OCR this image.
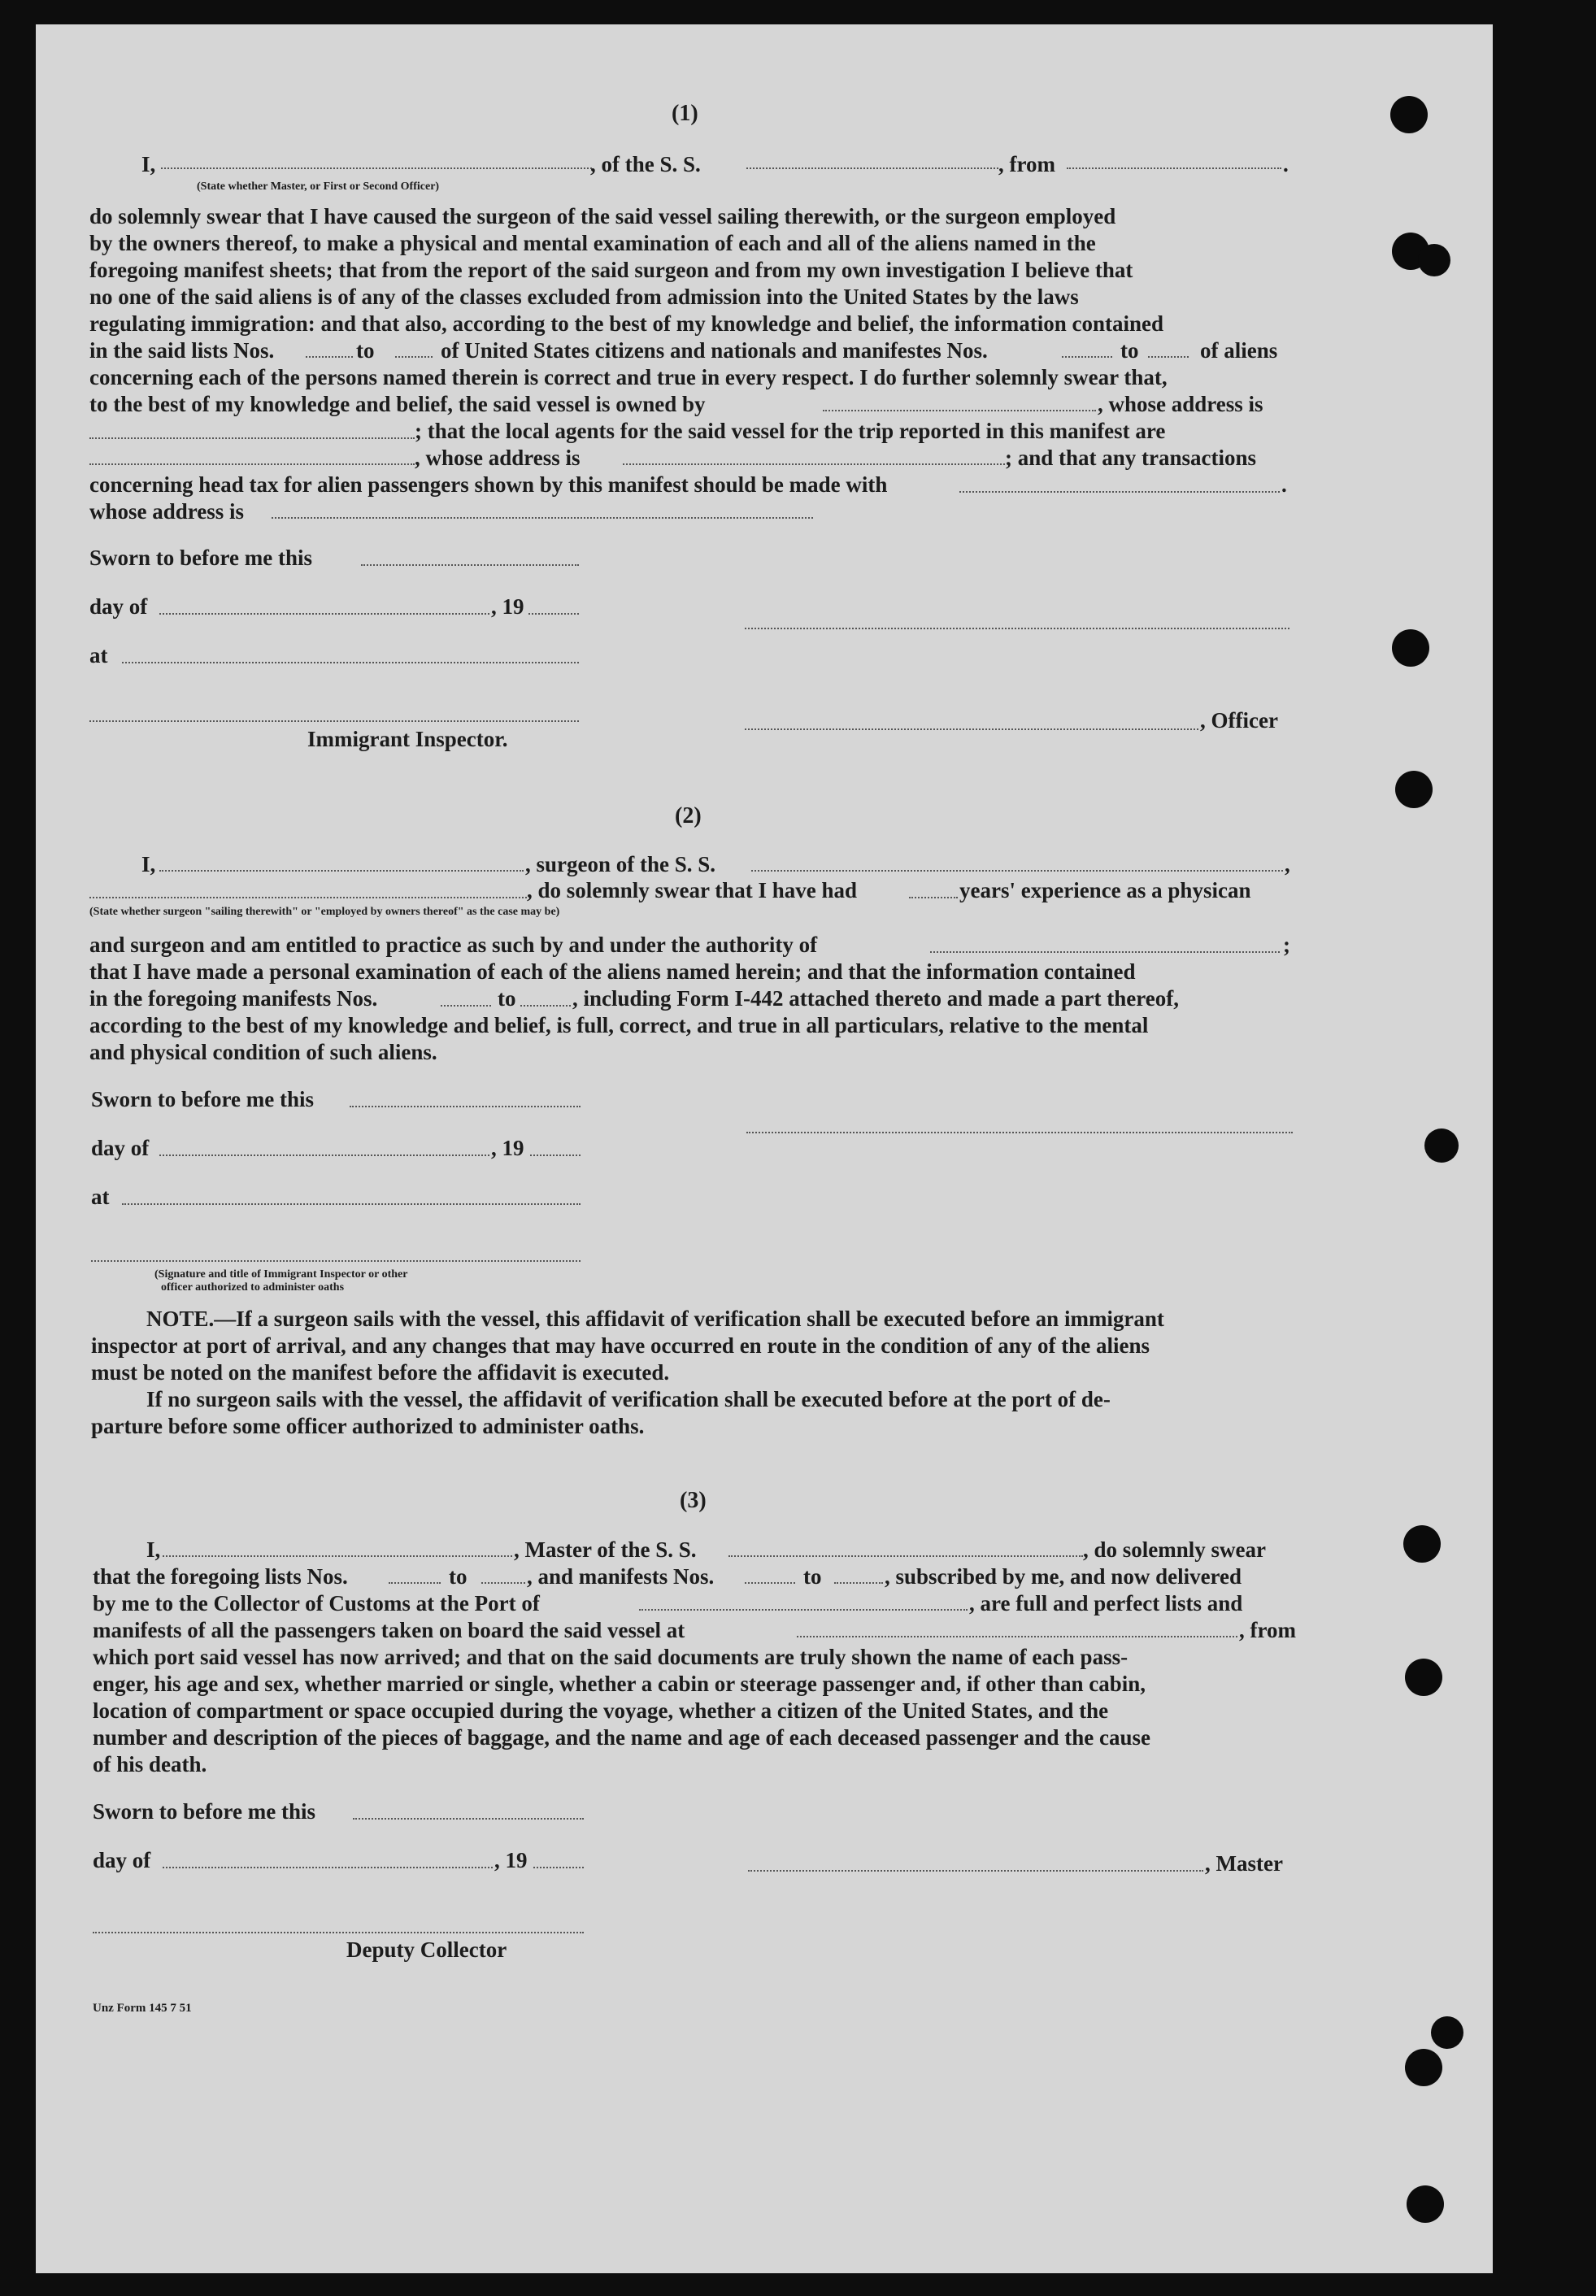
(1)
I,	, of the S. S.	, from	.
(State whether Master, or First or Second Officer)

do solemnly swear that I have caused the surgeon of the said vessel sailing therewith, or the surgeon employed

by the owners thereof, to make a physical and mental examination of each and all of the aliens named in the

foregoing manifest sheets; that from the report of the said surgeon and from my own investigation I believe that

no one of the said aliens is of any of the classes excluded from admission into the United States by the laws

regulating immigration: and that also, according to the best of my knowledge and belief, the information contained

in the said lists Nos.	to	of United States citizens and nationals and manifestes Nos.	to	of aliens

concerning each of the persons named therein is correct and true in every respect. I do further solemnly swear that,

to the best of my knowledge and belief, the said vessel is owned by	, whose address is
; that the local agents for the said vessel for the trip reported in this manifest are
, whose address is	; and that any transactions
concerning head tax for alien passengers shown by this manifest should be made with	.
whose address is
Sworn to before me this
day of	, 19
at
, Officer
Immigrant Inspector.
(2)
I,	, surgeon of the S. S.	,
, do solemnly swear that I have had	years' experience as a physican
(State whether surgeon "sailing therewith" or "employed by owners thereof" as the case may be)
and surgeon and am entitled to practice as such by and under the authority of	;

that I have made a personal examination of each of the aliens named herein; and that the information contained

in the foregoing manifests Nos.	to	, including Form I-442 attached thereto and made a part thereof,

according to the best of my knowledge and belief, is full, correct, and true in all particulars, relative to the mental

and physical condition of such aliens.

Sworn to before me this
day of	, 19
at
(Signature and title of Immigrant Inspector or other
officer authorized to administer oaths
NOTE.—If a surgeon sails with the vessel, this affidavit of verification shall be executed before an immigrant
inspector at port of arrival, and any changes that may have occurred en route in the condition of any of the aliens
must be noted on the manifest before the affidavit is executed.
If no surgeon sails with the vessel, the affidavit of verification shall be executed before at the port of de-
parture before some officer authorized to administer oaths.
(3)
I,	, Master of the S. S.	, do solemnly swear
that the foregoing lists Nos.	to	, and manifests Nos.	to	, subscribed by me, and now delivered
by me to the Collector of Customs at the Port of	, are full and perfect lists and
manifests of all the passengers taken on board the said vessel at	, from

which port said vessel has now arrived; and that on the said documents are truly shown the name of each pass-

enger, his age and sex, whether married or single, whether a cabin or steerage passenger and, if other than cabin,

location of compartment or space occupied during the voyage, whether a citizen of the United States, and the

number and description of the pieces of baggage, and the name and age of each deceased passenger and the cause

of his death.

Sworn to before me this
day of	, 19	, Master
Deputy Collector
Unz Form 145 7 51
